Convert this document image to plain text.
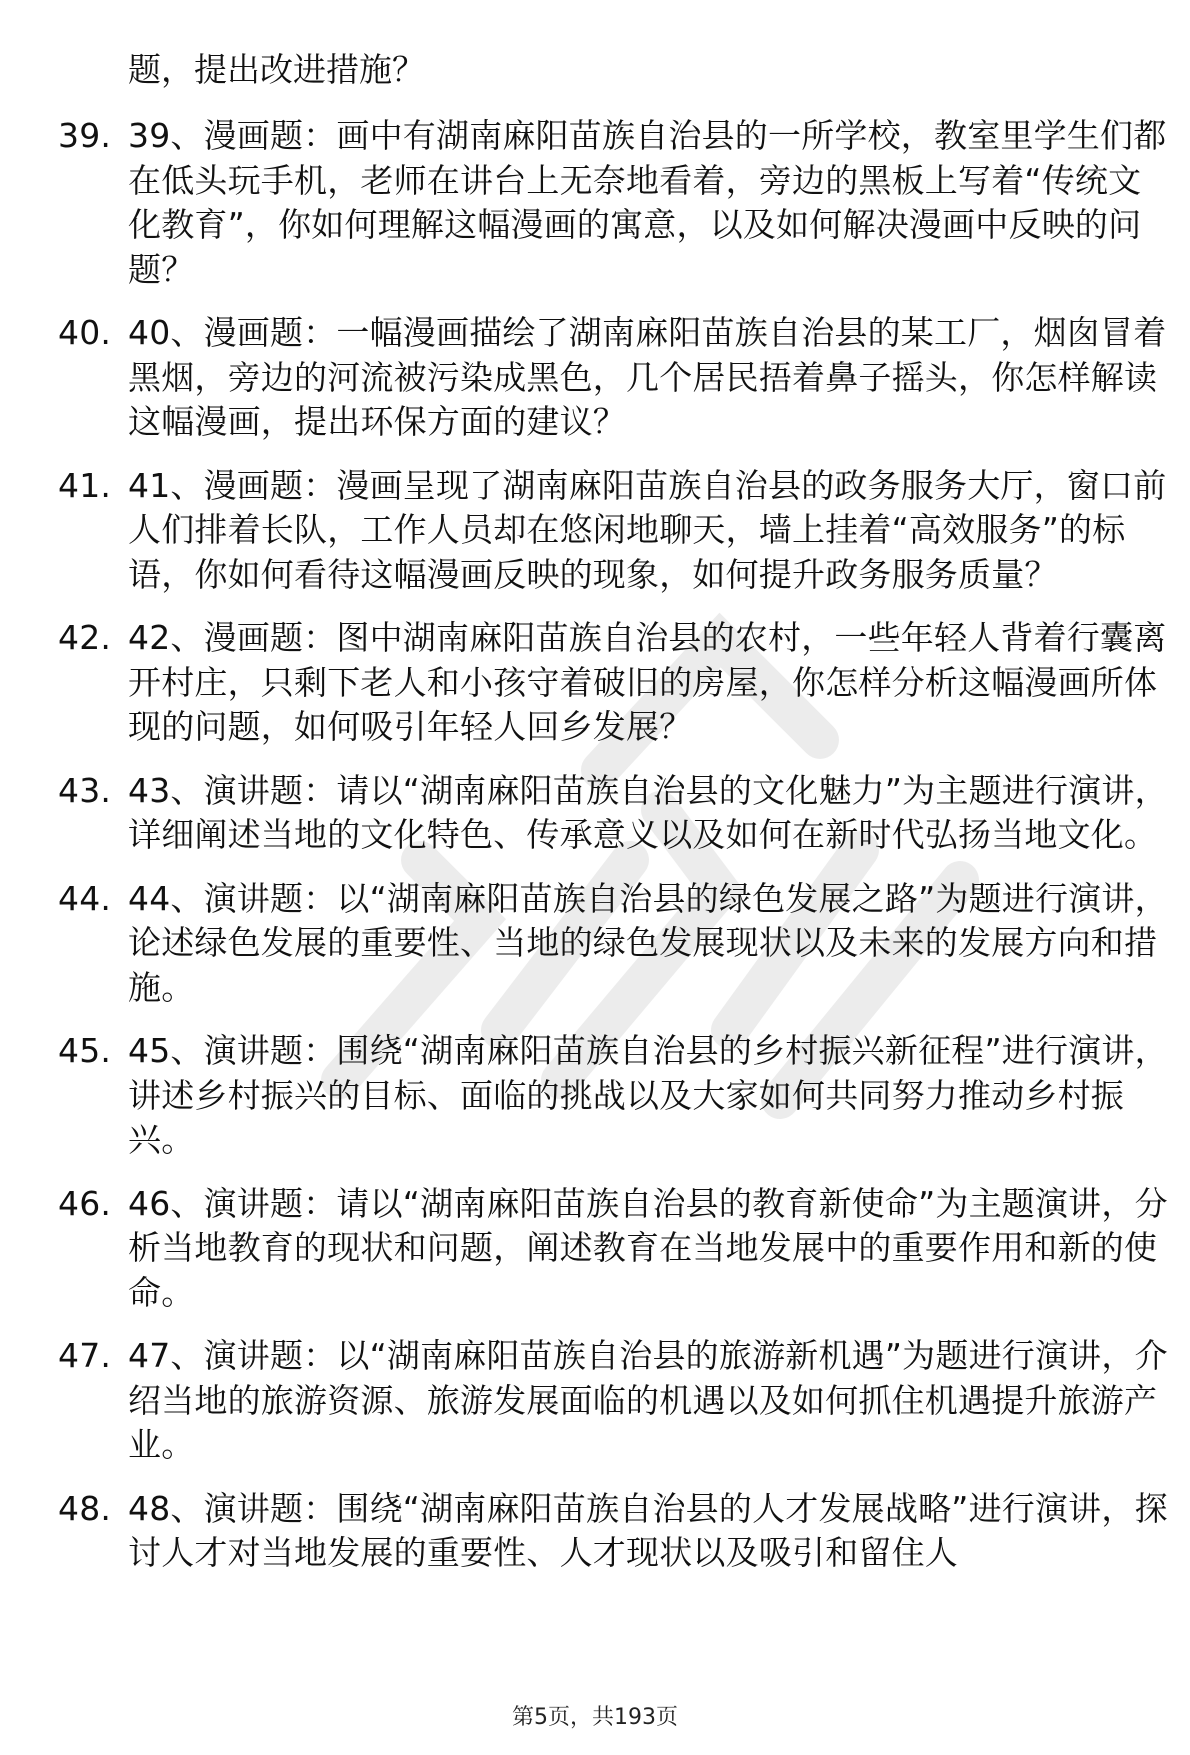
题，提出改进措施？
39. 39、漫画题：画中有湖南麻阳苗族自治县的一所学校，教室里学生们都在低头玩手机，老师在讲台上无奈地看着，旁边的黑板上写着“传统文化教育”，你如何理解这幅漫画的寓意，以及如何解决漫画中反映的问题？
40. 40、漫画题：一幅漫画描绘了湖南麻阳苗族自治县的某工厂，烟囱冒着黑烟，旁边的河流被污染成黑色，几个居民捂着鼻子摇头，你怎样解读这幅漫画，提出环保方面的建议？
41. 41、漫画题：漫画呈现了湖南麻阳苗族自治县的政务服务大厅，窗口前人们排着长队，工作人员却在悠闲地聊天，墙上挂着“高效服务”的标语，你如何看待这幅漫画反映的现象，如何提升政务服务质量？
42. 42、漫画题：图中湖南麻阳苗族自治县的农村，一些年轻人背着行囊离开村庄，只剩下老人和小孩守着破旧的房屋，你怎样分析这幅漫画所体现的问题，如何吸引年轻人回乡发展？
43. 43、演讲题：请以“湖南麻阳苗族自治县的文化魅力”为主题进行演讲，详细阐述当地的文化特色、传承意义以及如何在新时代弘扬当地文化。
44. 44、演讲题：以“湖南麻阳苗族自治县的绿色发展之路”为题进行演讲，论述绿色发展的重要性、当地的绿色发展现状以及未来的发展方向和措施。
45. 45、演讲题：围绕“湖南麻阳苗族自治县的乡村振兴新征程”进行演讲，讲述乡村振兴的目标、面临的挑战以及大家如何共同努力推动乡村振兴。
46. 46、演讲题：请以“湖南麻阳苗族自治县的教育新使命”为主题演讲，分析当地教育的现状和问题，阐述教育在当地发展中的重要作用和新的使命。
47. 47、演讲题：以“湖南麻阳苗族自治县的旅游新机遇”为题进行演讲，介绍当地的旅游资源、旅游发展面临的机遇以及如何抓住机遇提升旅游产业。
48. 48、演讲题：围绕“湖南麻阳苗族自治县的人才发展战略”进行演讲，探讨人才对当地发展的重要性、人才现状以及吸引和留住人
第5页，共193页
